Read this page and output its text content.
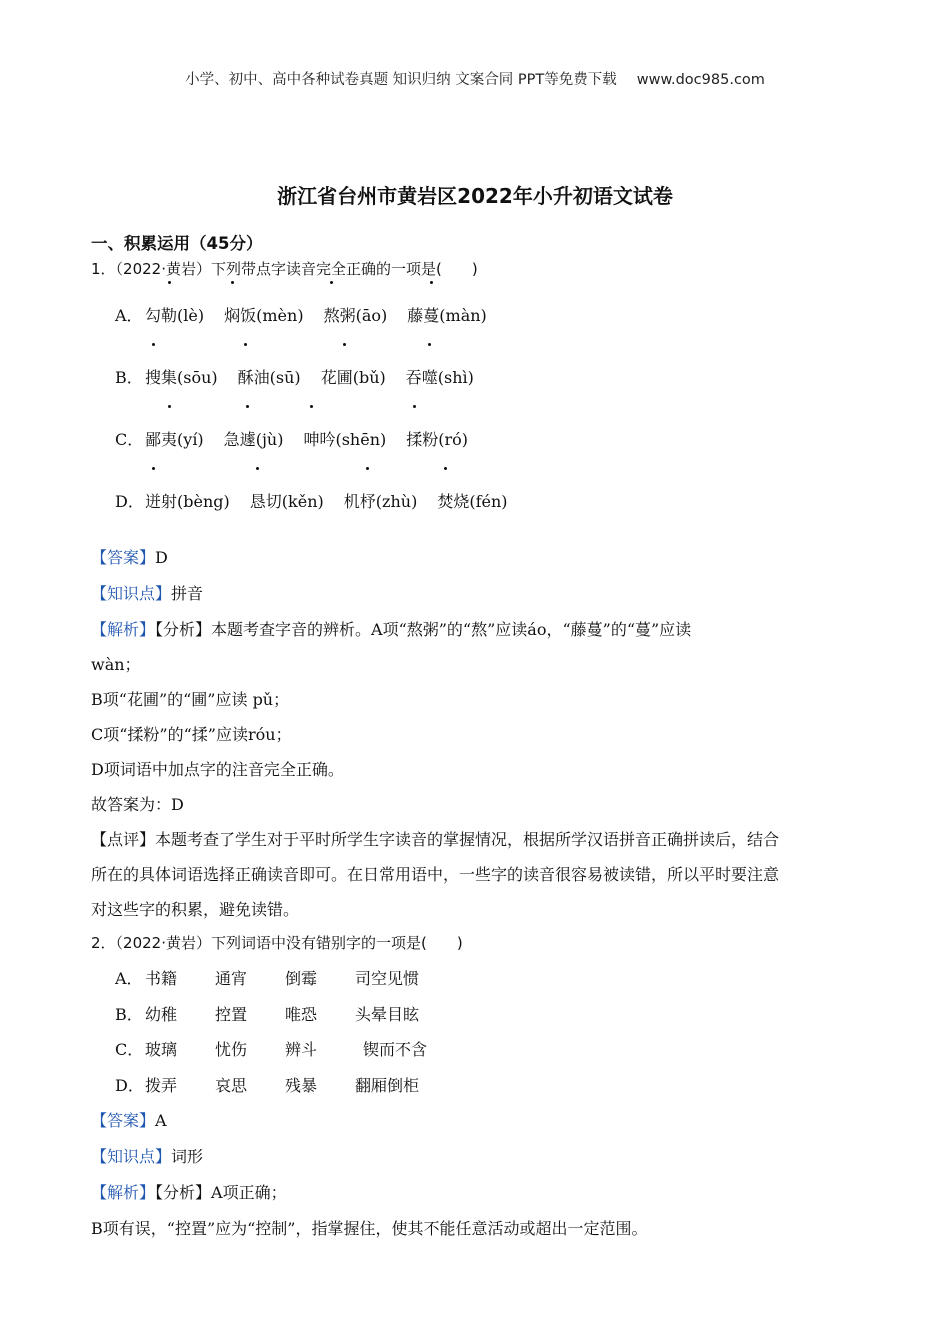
小学、初中、高中各种试卷真题 知识归纳 文案合同 PPT等免费下载 www.doc985.com
浙江省台州市黄岩区2022年小升初语文试卷
一、积累运用（45分）
1．（2022·黄岩）下列带点字读音完全正确的一项是(　　)
A． 勾勒(lè) 焖饭(mèn) 熬粥(āo) 藤蔓(màn)
B． 搜集(sōu) 酥油(sū) 花圃(bǔ) 吞噬(shì)
C． 鄙夷(yí) 急遽(jù) 呻吟(shēn) 揉粉(ró)
D．迸射(bèng) 恳切(kěn) 机杼(zhù) 焚烧(fén)
【答案】D
【知识点】拼音
【解析】【分析】本题考查字音的辨析。A项“熬粥”的“熬”应读áo，“藤蔓”的“蔓”应读
wàn；
B项“花圃”的“圃”应读 pǔ；
C项“揉粉”的“揉”应读róu；
D项词语中加点字的注音完全正确。
故答案为：D
【点评】本题考查了学生对于平时所学生字读音的掌握情况，根据所学汉语拼音正确拼读后，结合
所在的具体词语选择正确读音即可。在日常用语中，一些字的读音很容易被读错，所以平时要注意
对这些字的积累，避免读错。
2．（2022·黄岩）下列词语中没有错别字的一项是(　　)
A． 书籍 通宵 倒霉 司空见惯
B． 幼稚 控置 唯恐 头晕目眩
C． 玻璃 忧伤 辨斗	锲而不含
D．拨弄 哀思 残暴 翻厢倒柜
【答案】A
【知识点】词形
【解析】【分析】A项正确；
B项有误，“控置”应为“控制”，指掌握住，使其不能任意活动或超出一定范围。
